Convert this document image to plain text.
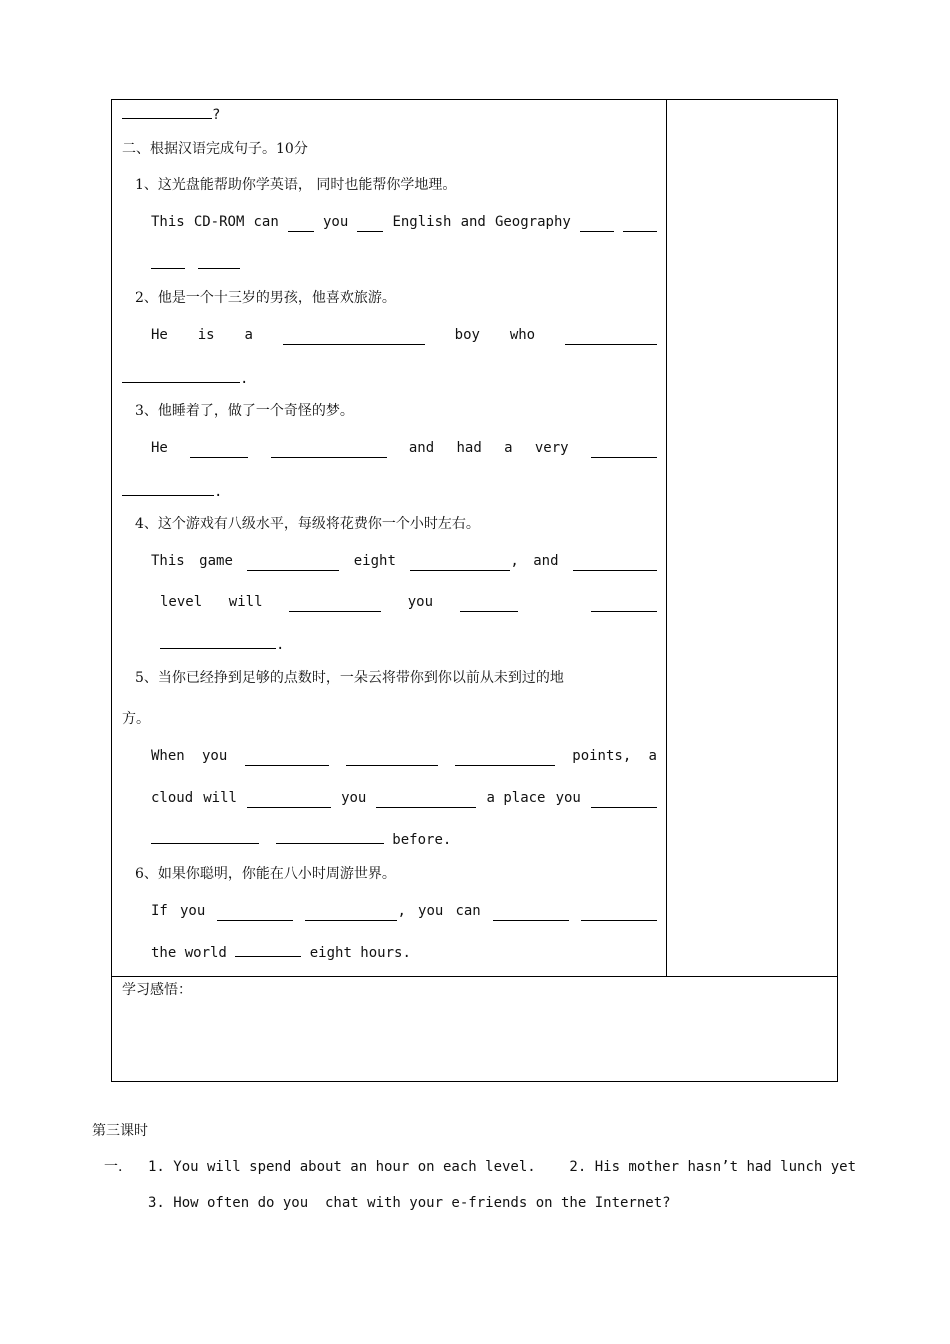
?
二、根据汉语完成句子。10分
1、这光盘能帮助你学英语， 同时也能帮你学地理。
This CD-ROM can	you	English and Geography

2、他是一个十三岁的男孩，他喜欢旅游。
He is a	boy who
.
3、他睡着了，做了一个奇怪的梦。
He	and had a very
.
4、这个游戏有八级水平，每级将花费你一个小时左右。
This game	eight	, and
level will	you
.
5、当你已经挣到足够的点数时，一朵云将带你到你以前从未到过的地
方。
When you	points, a
cloud will	you	a place you
before.
6、如果你聪明，你能在八小时周游世界。
If you	, you can
the world	eight hours.
学习感悟：
第三课时
一. 1. You will spend about an hour on each level.    2. His mother hasn’t had lunch yet
3. How often do you  chat with your e-friends on the Internet?
